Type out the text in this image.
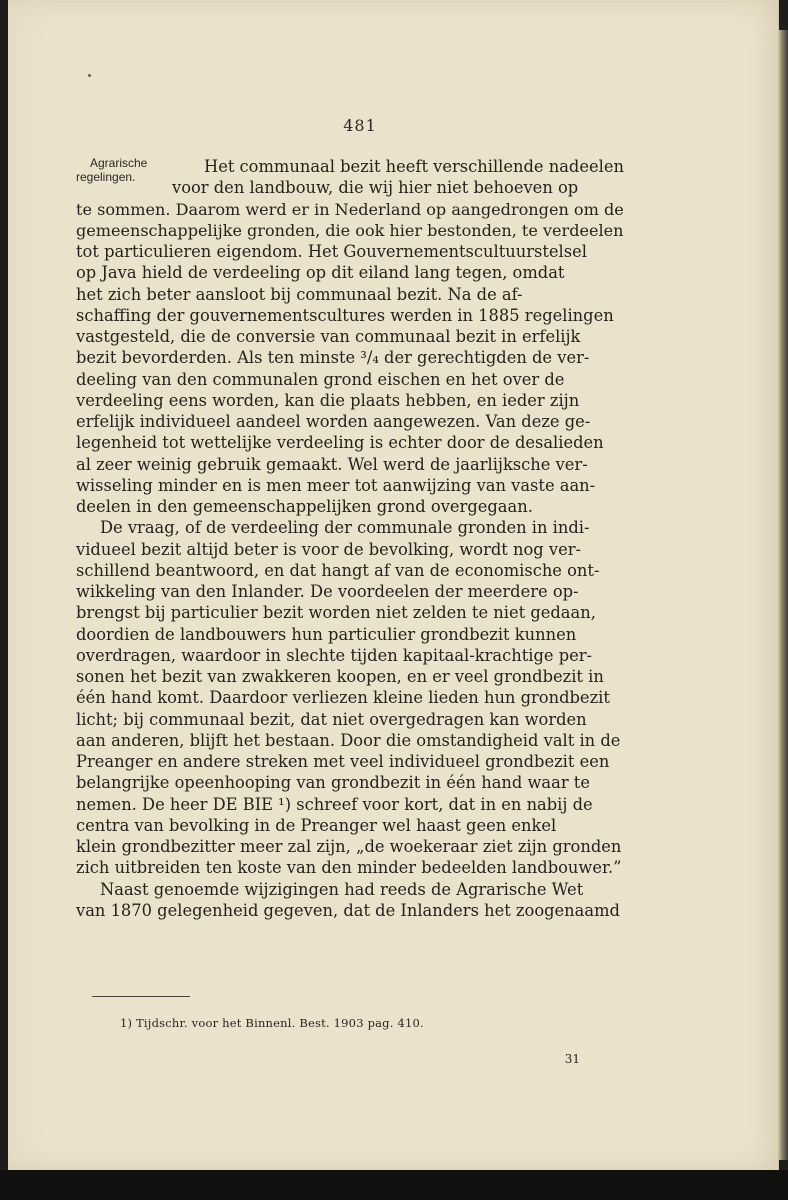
481
Agrarische
regelingen.
Het communaal bezit heeft verschillende nadeelen
voor den landbouw, die wij hier niet behoeven op
te sommen. Daarom werd er in Nederland op aangedrongen om de
gemeenschappelijke gronden, die ook hier bestonden, te verdeelen
tot particulieren eigendom. Het Gouvernementscultuurstelsel
op Java hield de verdeeling op dit eiland lang tegen, omdat
het zich beter aansloot bij communaal bezit. Na de af-
schaffing der gouvernementscultures werden in 1885 regelingen
vastgesteld, die de conversie van communaal bezit in erfelijk
bezit bevorderden. Als ten minste ³/₄ der gerechtigden de ver-
deeling van den communalen grond eischen en het over de
verdeeling eens worden, kan die plaats hebben, en ieder zijn
erfelijk individueel aandeel worden aangewezen. Van deze ge-
legenheid tot wettelijke verdeeling is echter door de desalieden
al zeer weinig gebruik gemaakt. Wel werd de jaarlijksche ver-
wisseling minder en is men meer tot aanwijzing van vaste aan-
deelen in den gemeenschappelijken grond overgegaan.
De vraag, of de verdeeling der communale gronden in indi-
vidueel bezit altijd beter is voor de bevolking, wordt nog ver-
schillend beantwoord, en dat hangt af van de economische ont-
wikkeling van den Inlander. De voordeelen der meerdere op-
brengst bij particulier bezit worden niet zelden te niet gedaan,
doordien de landbouwers hun particulier grondbezit kunnen
overdragen, waardoor in slechte tijden kapitaal-krachtige per-
sonen het bezit van zwakkeren koopen, en er veel grondbezit in
één hand komt. Daardoor verliezen kleine lieden hun grondbezit
licht; bij communaal bezit, dat niet overgedragen kan worden
aan anderen, blijft het bestaan. Door die omstandigheid valt in de
Preanger en andere streken met veel individueel grondbezit een
belangrijke opeenhooping van grondbezit in één hand waar te
nemen. De heer DE BIE ¹) schreef voor kort, dat in en nabij de
centra van bevolking in de Preanger wel haast geen enkel
klein grondbezitter meer zal zijn, „de woekeraar ziet zijn gronden
zich uitbreiden ten koste van den minder bedeelden landbouwer.”
Naast genoemde wijzigingen had reeds de Agrarische Wet
van 1870 gelegenheid gegeven, dat de Inlanders het zoogenaamd
1) Tijdschr. voor het Binnenl. Best. 1903 pag. 410.
31
